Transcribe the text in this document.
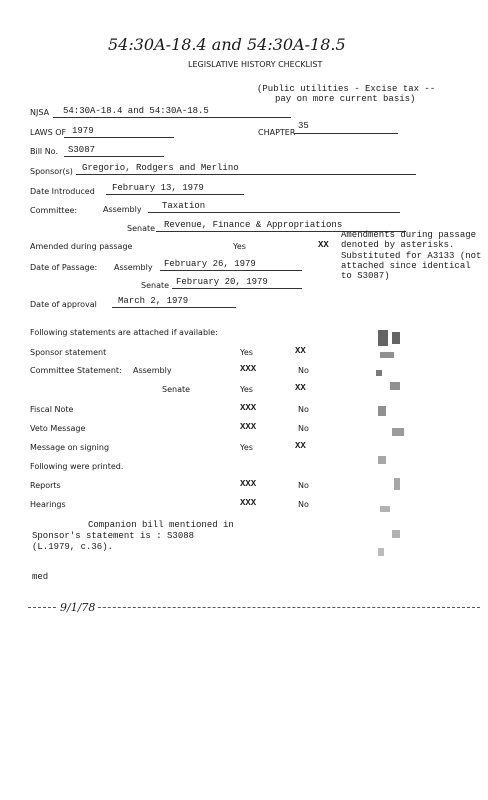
54:30A-18.4 and 54:30A-18.5
LEGISLATIVE HISTORY CHECKLIST
(Public utilities - Excise tax --
pay on more current basis)
NJSA 54:30A-18.4 and 54:30A-18.5
LAWS OF 1979	CHAPTER
35
Bill No. S3087
Sponsor(s) Gregorio, Rodgers and Merlino
Date Introduced February 13, 1979
Committee:	Assembly Taxation
Senate Revenue, Finance & Appropriations
Amended during passage	Yes	XX
Amendments during passage
denoted by asterisks.
Substituted for A3133 (not
attached since identical
to S3087)
Date of Passage: Assembly February 26, 1979
Senate February 20, 1979
Date of approval March 2, 1979
Following statements are attached if available:
Sponsor statement	Yes	XX
Committee Statement: Assembly	XXX	No
Senate	Yes	XX
Fiscal Note	XXX	No
Veto Message	XXX	No
Message on signing	Yes	XX
Following were printed.
Reports	XXX	No
Hearings	XXX	No
Companion bill mentioned in
Sponsor's statement is : S3088
(L.1979, c.36).
med
9/1/78
